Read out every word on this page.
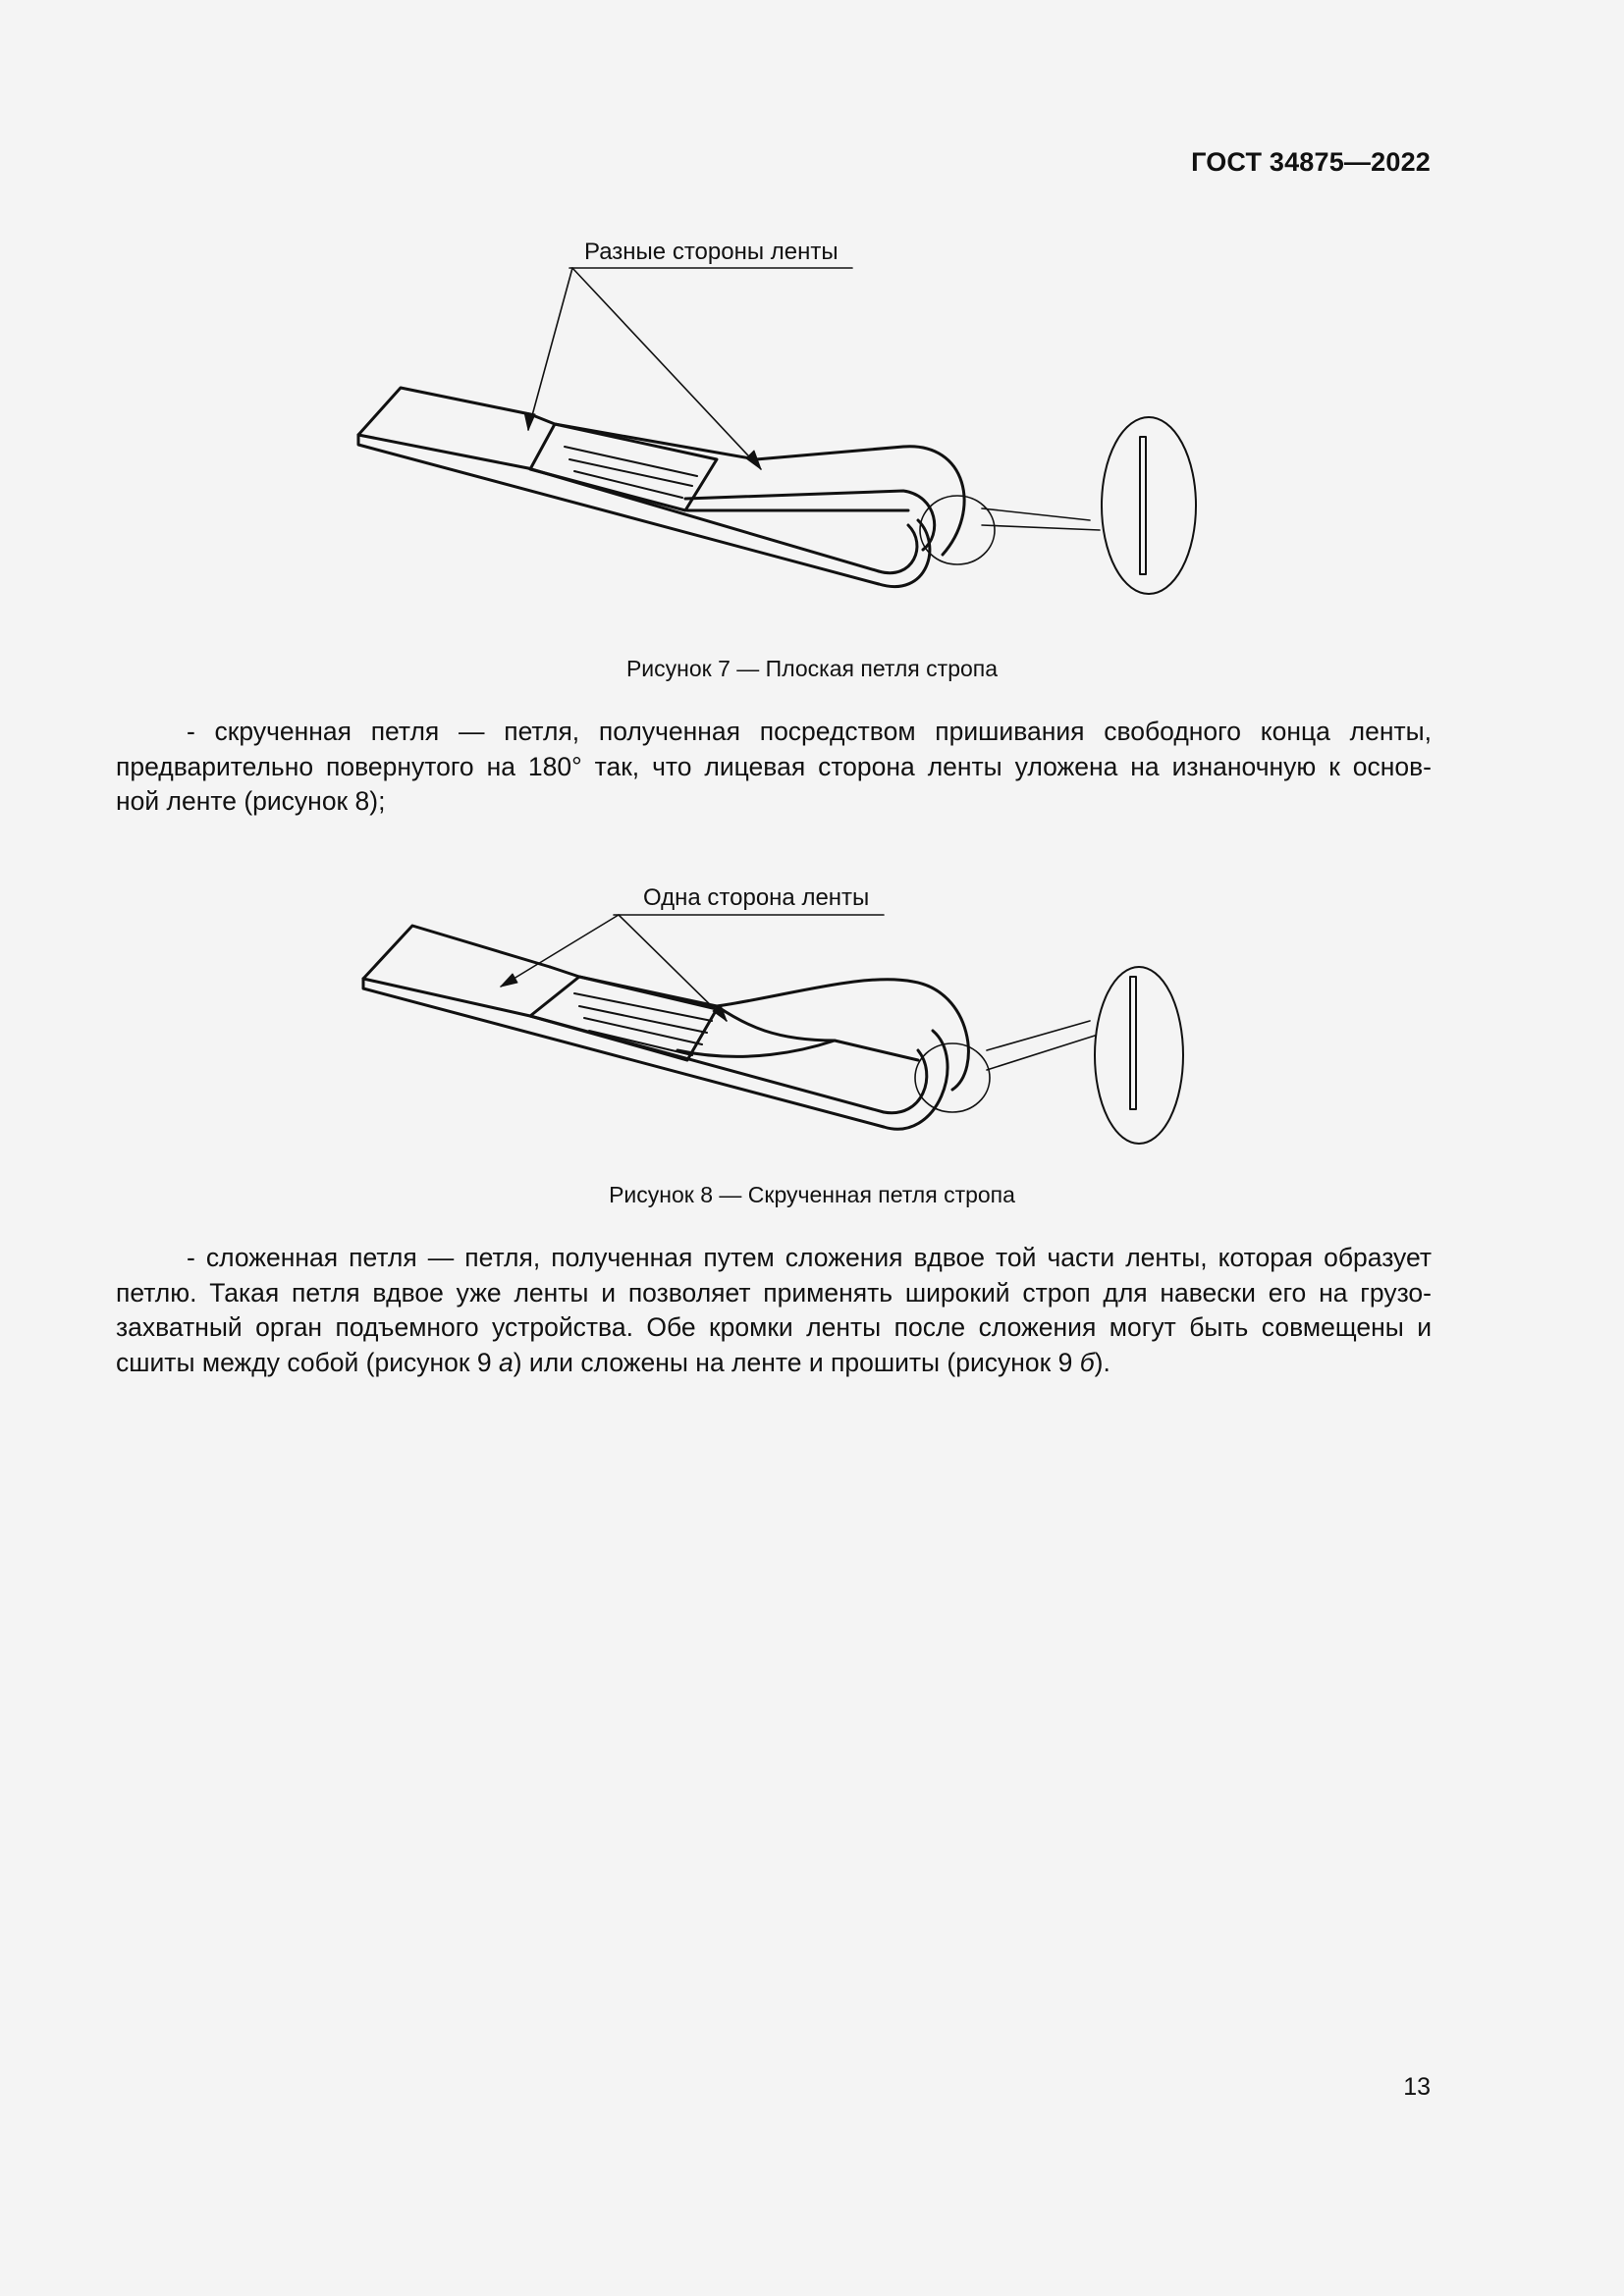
ГОСТ 34875—2022
Разные стороны ленты
Рисунок 7 — Плоская петля стропа
- скрученная петля — петля, полученная посредством пришивания свободного конца ленты,
предварительно повернутого на 180° так, что лицевая сторона ленты уложена на изнаночную к основ-
ной ленте (рисунок 8);
Одна сторона ленты
Рисунок 8 — Скрученная петля стропа
- сложенная петля — петля, полученная путем сложения вдвое той части ленты, которая образует
петлю. Такая петля вдвое уже ленты и позволяет применять широкий строп для навески его на грузо-
захватный орган подъемного устройства. Обе кромки ленты после сложения могут быть совмещены и
сшиты между собой (рисунок 9 а) или сложены на ленте и прошиты (рисунок 9 б).
13
